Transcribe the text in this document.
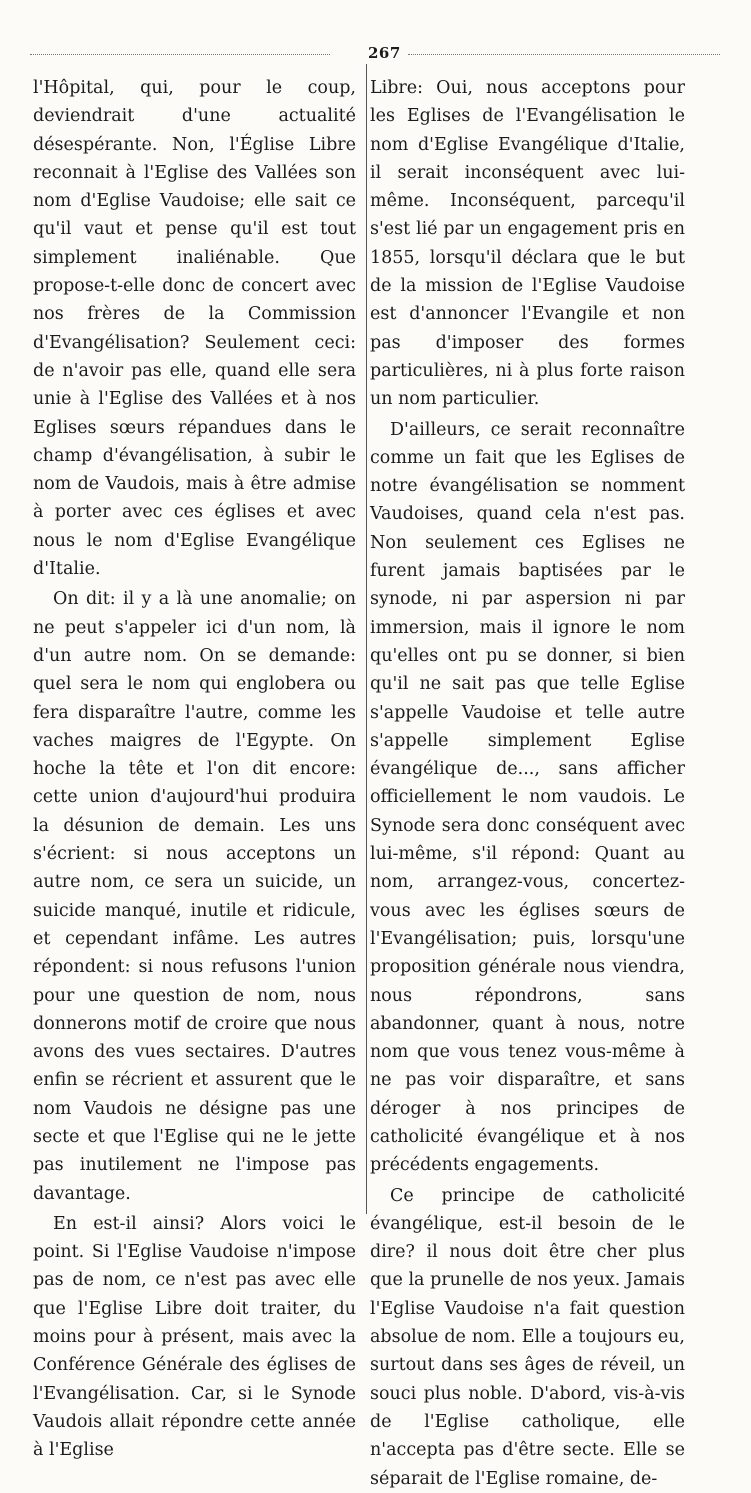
267

l'Hôpital, qui, pour le coup, deviendrait d'une actualité désespérante. Non, l'Église Libre reconnait à l'Eglise des Vallées son nom d'Eglise Vaudoise; elle sait ce qu'il vaut et pense qu'il est tout simplement inaliénable. Que propose-t-elle donc de concert avec nos frères de la Commission d'Evangélisation? Seulement ceci: de n'avoir pas elle, quand elle sera unie à l'Eglise des Vallées et à nos Eglises sœurs répandues dans le champ d'évangélisation, à subir le nom de Vaudois, mais à être admise à porter avec ces églises et avec nous le nom d'Eglise Evangélique d'Italie.

On dit: il y a là une anomalie; on ne peut s'appeler ici d'un nom, là d'un autre nom. On se demande: quel sera le nom qui englobera ou fera disparaître l'autre, comme les vaches maigres de l'Egypte. On hoche la tête et l'on dit encore: cette union d'aujourd'hui produira la désunion de demain. Les uns s'écrient: si nous acceptons un autre nom, ce sera un suicide, un suicide manqué, inutile et ridicule, et cependant infâme. Les autres répondent: si nous refusons l'union pour une question de nom, nous donnerons motif de croire que nous avons des vues sectaires. D'autres enfin se récrient et assurent que le nom Vaudois ne désigne pas une secte et que l'Eglise qui ne le jette pas inutilement ne l'impose pas davantage.

En est-il ainsi? Alors voici le point. Si l'Eglise Vaudoise n'impose pas de nom, ce n'est pas avec elle que l'Eglise Libre doit traiter, du moins pour à présent, mais avec la Conférence Générale des églises de l'Evangélisation. Car, si le Synode Vaudois allait répondre cette année à l'Eglise

Libre: Oui, nous acceptons pour les Eglises de l'Evangélisation le nom d'Eglise Evangélique d'Italie, il serait inconséquent avec lui-même. Inconséquent, parcequ'il s'est lié par un engagement pris en 1855, lorsqu'il déclara que le but de la mission de l'Eglise Vaudoise est d'annoncer l'Evangile et non pas d'imposer des formes particulières, ni à plus forte raison un nom particulier.

D'ailleurs, ce serait reconnaître comme un fait que les Eglises de notre évangélisation se nomment Vaudoises, quand cela n'est pas. Non seulement ces Eglises ne furent jamais baptisées par le synode, ni par aspersion ni par immersion, mais il ignore le nom qu'elles ont pu se donner, si bien qu'il ne sait pas que telle Eglise s'appelle Vaudoise et telle autre s'appelle simplement Eglise évangélique de..., sans afficher officiellement le nom vaudois. Le Synode sera donc conséquent avec lui-même, s'il répond: Quant au nom, arrangez-vous, concertez-vous avec les églises sœurs de l'Evangélisation; puis, lorsqu'une proposition générale nous viendra, nous répondrons, sans abandonner, quant à nous, notre nom que vous tenez vous-même à ne pas voir disparaître, et sans déroger à nos principes de catholicité évangélique et à nos précédents engagements.

Ce principe de catholicité évangélique, est-il besoin de le dire? il nous doit être cher plus que la prunelle de nos yeux. Jamais l'Eglise Vaudoise n'a fait question absolue de nom. Elle a toujours eu, surtout dans ses âges de réveil, un souci plus noble. D'abord, vis-à-vis de l'Eglise catholique, elle n'accepta pas d'être secte. Elle se séparait de l'Eglise romaine, de-
